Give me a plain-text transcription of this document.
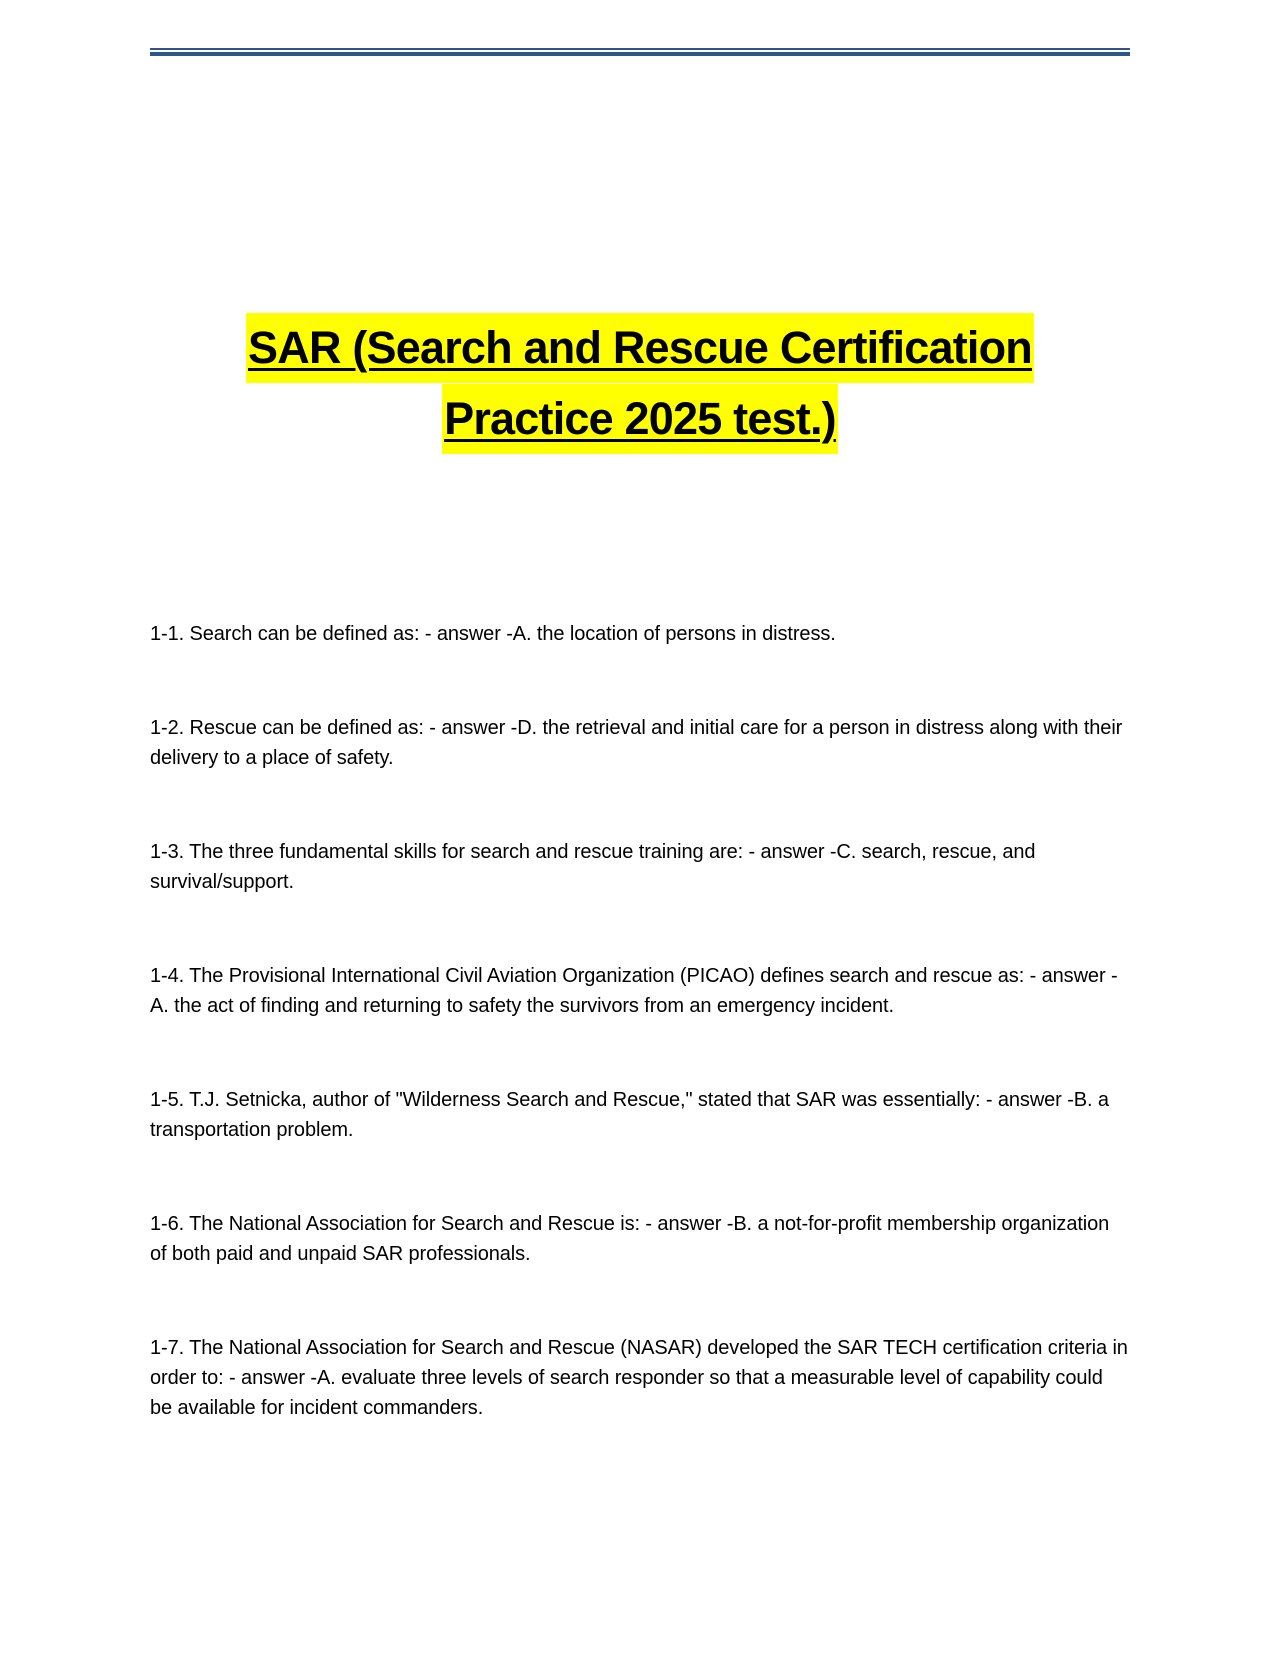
SAR (Search and Rescue Certification
Practice 2025 test.)

1-1. Search can be defined as: - answer -A. the location of persons in distress.

1-2. Rescue can be defined as: - answer -D. the retrieval and initial care for a person in distress along with their delivery to a place of safety.

1-3. The three fundamental skills for search and rescue training are: - answer -C. search, rescue, and survival/support.

1-4. The Provisional International Civil Aviation Organization (PICAO) defines search and rescue as: - answer -A. the act of finding and returning to safety the survivors from an emergency incident.

1-5. T.J. Setnicka, author of "Wilderness Search and Rescue," stated that SAR was essentially: - answer -B. a transportation problem.

1-6. The National Association for Search and Rescue is: - answer -B. a not-for-profit membership organization of both paid and unpaid SAR professionals.

1-7. The National Association for Search and Rescue (NASAR) developed the SAR TECH certification criteria in order to: - answer -A. evaluate three levels of search responder so that a measurable level of capability could be available for incident commanders.
